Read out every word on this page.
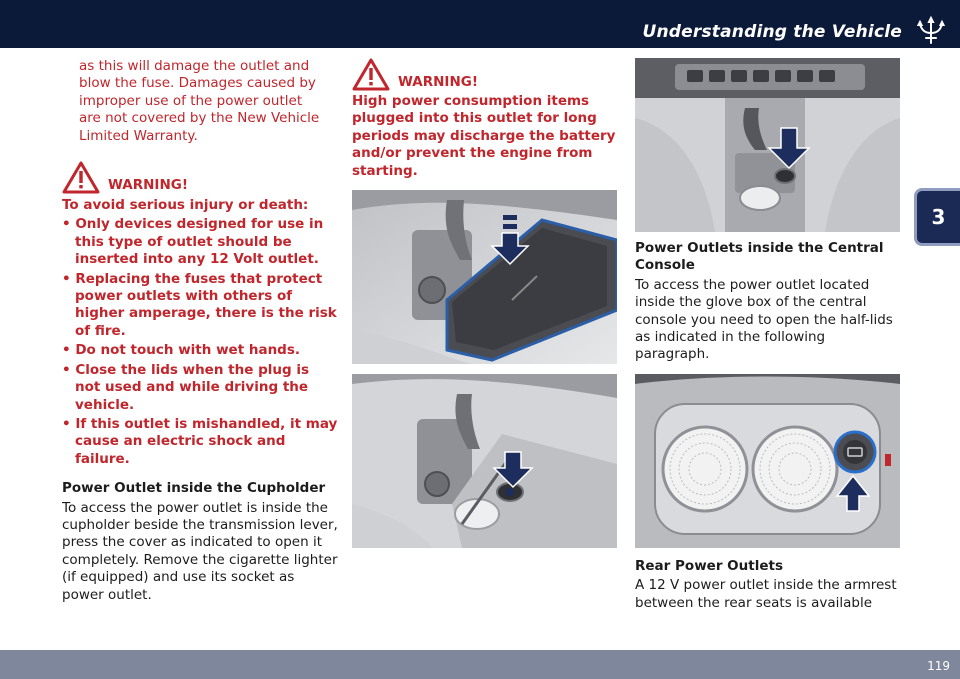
Understanding the Vehicle
3
as this will damage the outlet and
blow the fuse. Damages caused by
improper use of the power outlet
are not covered by the New Vehicle
Limited Warranty.
WARNING!
To avoid serious injury or death:
• Only devices designed for use in this type of outlet should be inserted into any 12 Volt outlet.
• Replacing the fuses that protect power outlets with others of higher amperage, there is the risk of fire.
• Do not touch with wet hands.
• Close the lids when the plug is not used and while driving the vehicle.
• If this outlet is mishandled, it may cause an electric shock and failure.
Power Outlet inside the Cupholder

To access the power outlet is inside the cupholder beside the transmission lever, press the cover as indicated to open it completely. Remove the cigarette lighter (if equipped) and use its socket as power outlet.

WARNING!

High power consumption items plugged into this outlet for long periods may discharge the battery and/or prevent the engine from starting.

Power Outlets inside the Central Console

To access the power outlet located inside the glove box of the central console you need to open the half-lids as indicated in the following paragraph.

Rear Power Outlets

A 12 V power outlet inside the armrest between the rear seats is available

119
